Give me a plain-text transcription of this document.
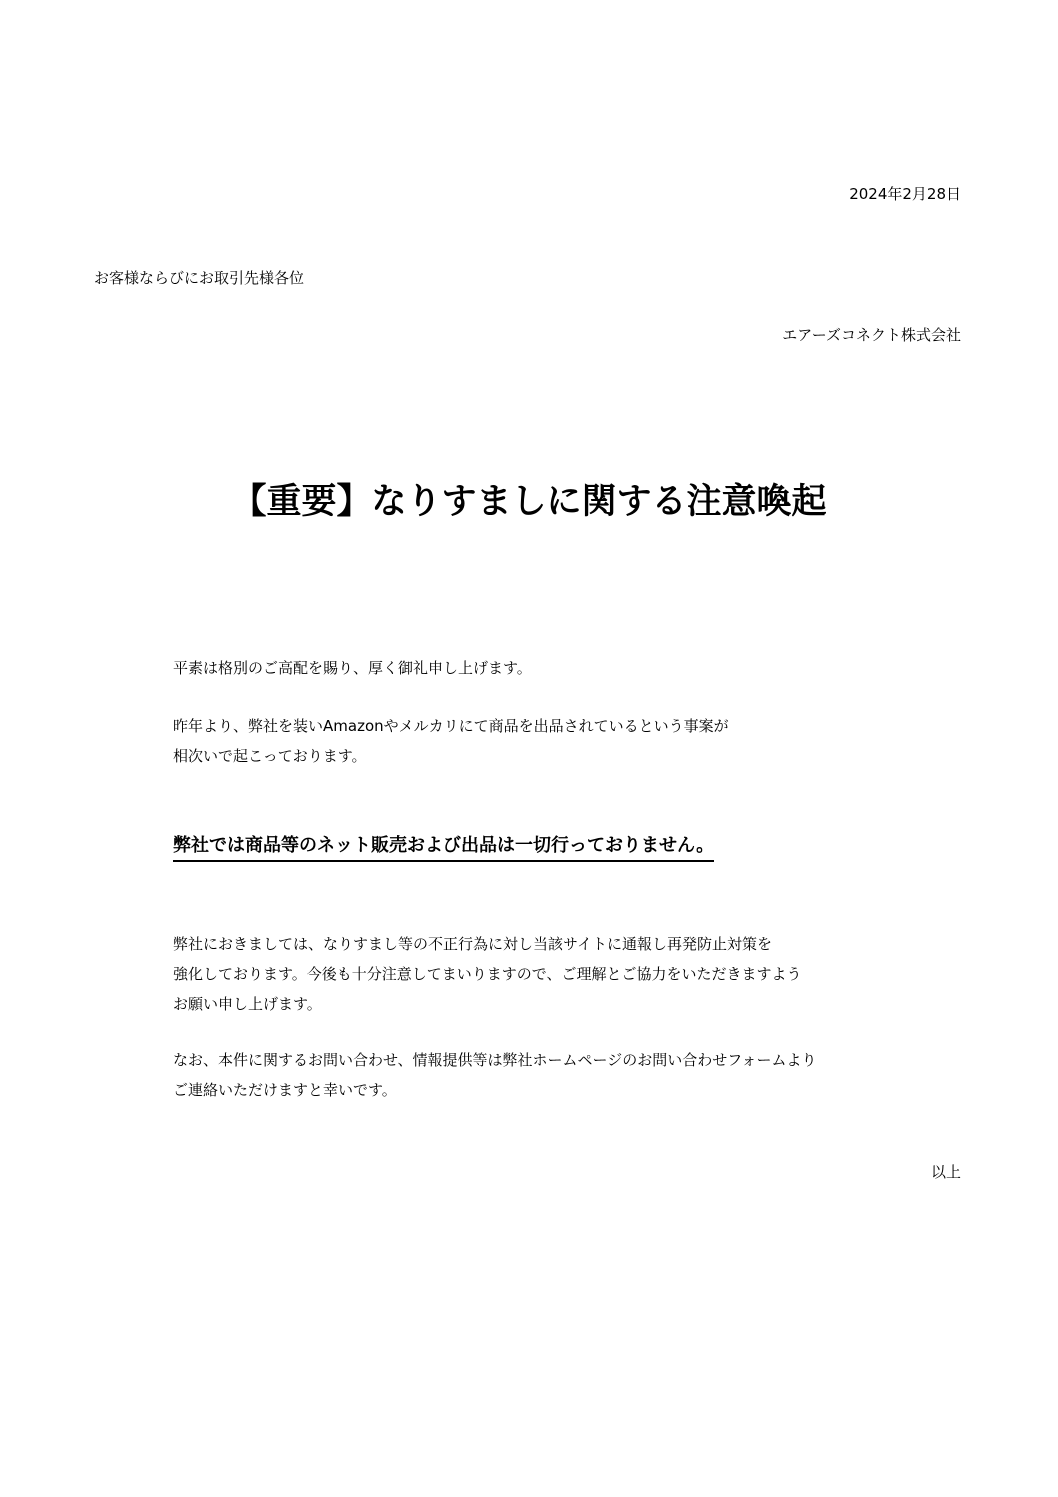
2024年2月28日
お客様ならびにお取引先様各位
エアーズコネクト株式会社
【重要】なりすましに関する注意喚起
平素は格別のご高配を賜り、厚く御礼申し上げます。
昨年より、弊社を装いAmazonやメルカリにて商品を出品されているという事案が
相次いで起こっております。
弊社では商品等のネット販売および出品は一切行っておりません。
弊社におきましては、なりすまし等の不正行為に対し当該サイトに通報し再発防止対策を
強化しております。今後も十分注意してまいりますので、ご理解とご協力をいただきますよう
お願い申し上げます。
なお、本件に関するお問い合わせ、情報提供等は弊社ホームページのお問い合わせフォームより
ご連絡いただけますと幸いです。
以上
